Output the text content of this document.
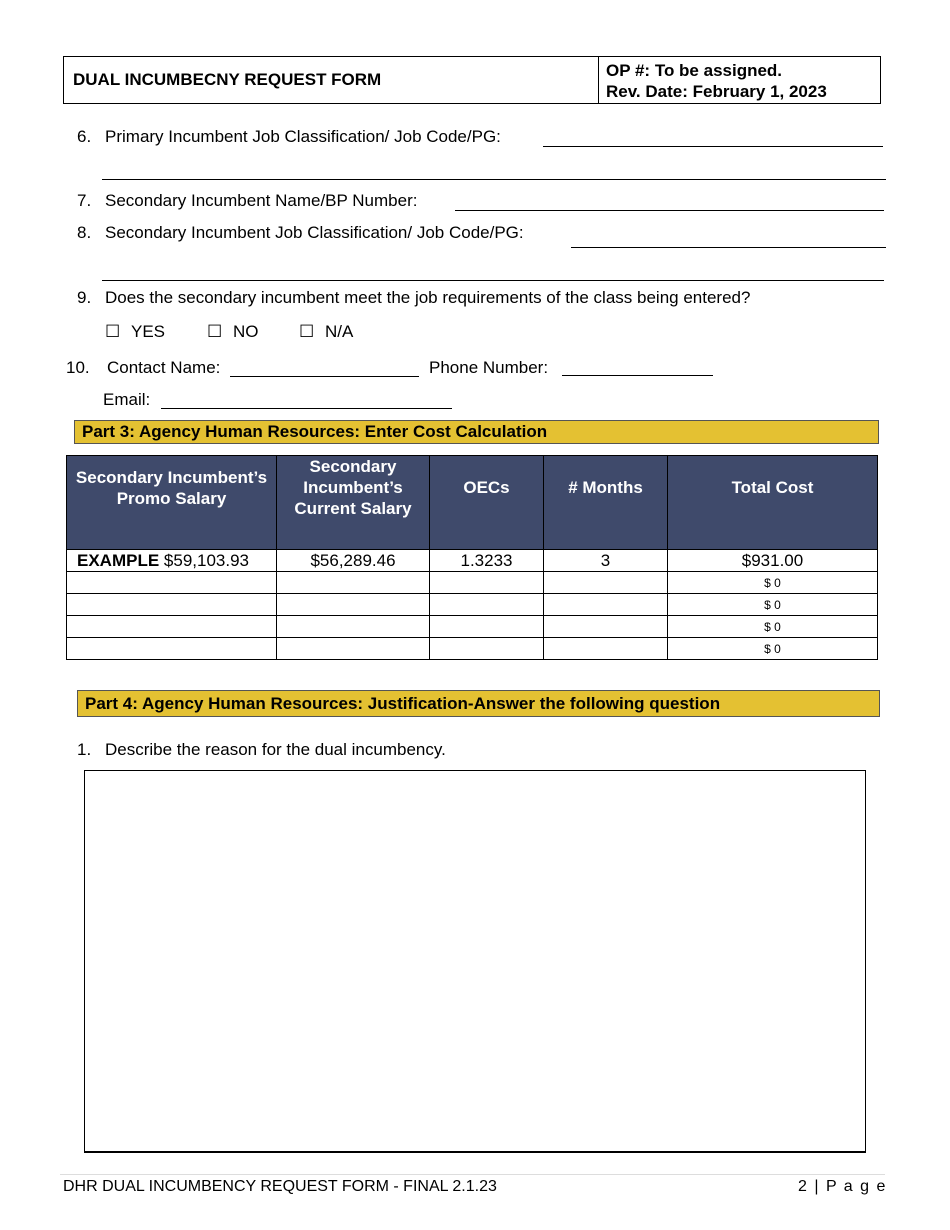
DUAL INCUMBECNY REQUEST FORM	OP #: To be assigned.
Rev. Date: February 1, 2023
6. Primary Incumbent Job Classification/ Job Code/PG:
7. Secondary Incumbent Name/BP Number:
8. Secondary Incumbent Job Classification/ Job Code/PG:
9. Does the secondary incumbent meet the job requirements of the class being entered?
☐ YES ☐ NO ☐ N/A
10. Contact Name:	Phone Number:
Email:
Part 3: Agency Human Resources: Enter Cost Calculation
Secondary Incumbent’s Promo Salary	Secondary Incumbent’s Current Salary	OECs	# Months	Total Cost
EXAMPLE $59,103.93	$56,289.46	1.3233	3	$931.00
				$ 0
				$ 0
				$ 0
				$ 0
Part 4: Agency Human Resources: Justification-Answer the following question
1. Describe the reason for the dual incumbency.
DHR DUAL INCUMBENCY REQUEST FORM - FINAL 2.1.23	2 | P a g e
